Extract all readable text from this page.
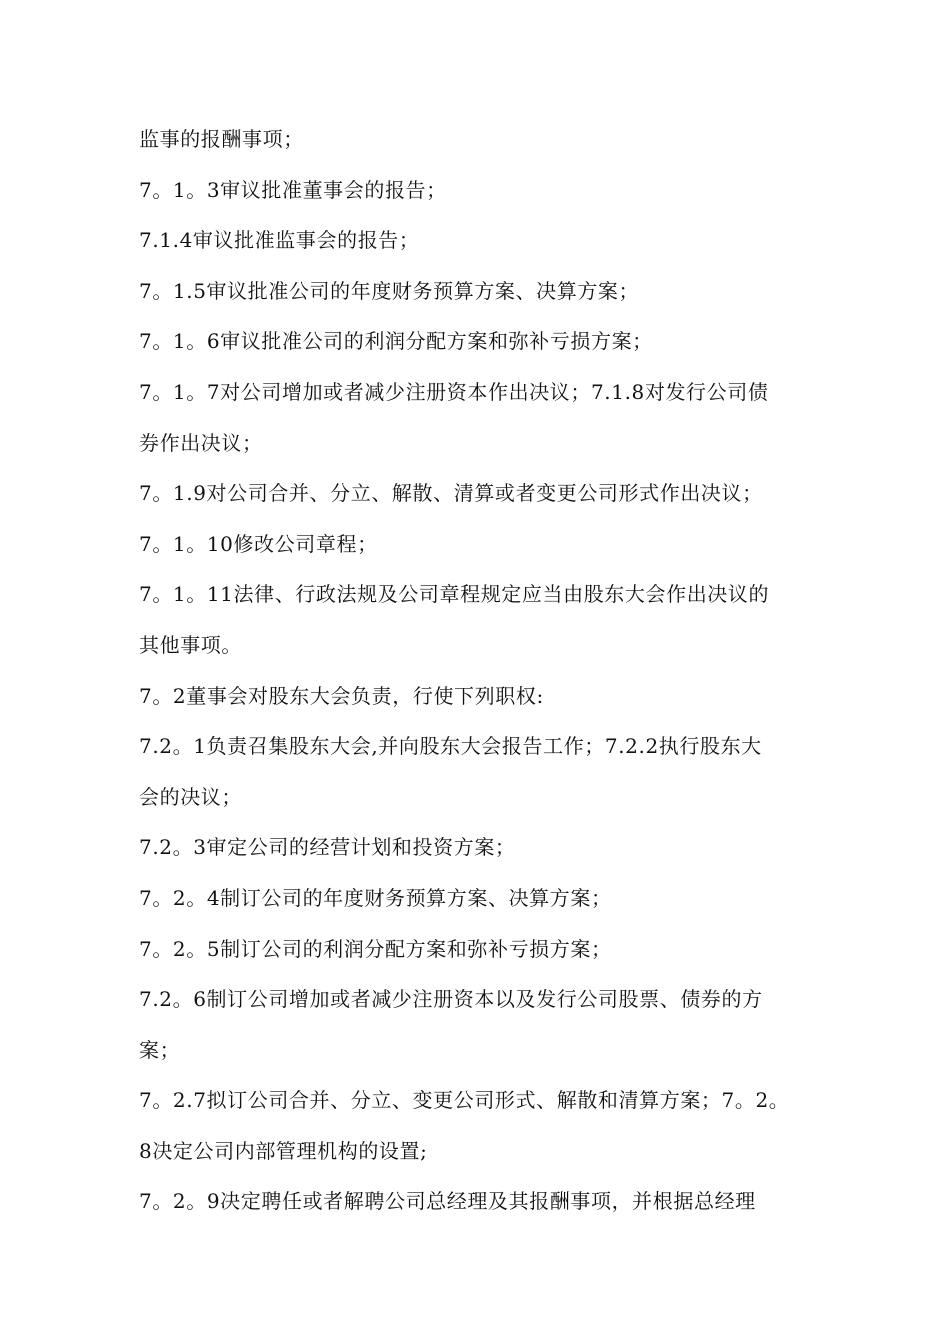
监事的报酬事项；
7。1。3审议批准董事会的报告；
7.1.4审议批准监事会的报告；
7。1.5审议批准公司的年度财务预算方案、决算方案；
7。1。6审议批准公司的利润分配方案和弥补亏损方案；
7。1。7对公司增加或者减少注册资本作出决议；7.1.8对发行公司债
券作出决议；
7。1.9对公司合并、分立、解散、清算或者变更公司形式作出决议；
7。1。10修改公司章程；
7。1。11法律、行政法规及公司章程规定应当由股东大会作出决议的
其他事项。
7。2董事会对股东大会负责，行使下列职权:
7.2。1负责召集股东大会,并向股东大会报告工作；7.2.2执行股东大
会的决议；
7.2。3审定公司的经营计划和投资方案；
7。2。4制订公司的年度财务预算方案、决算方案；
7。2。5制订公司的利润分配方案和弥补亏损方案；
7.2。6制订公司增加或者减少注册资本以及发行公司股票、债券的方
案；
7。2.7拟订公司合并、分立、变更公司形式、解散和清算方案；7。2。
8决定公司内部管理机构的设置;
7。2。9决定聘任或者解聘公司总经理及其报酬事项，并根据总经理
